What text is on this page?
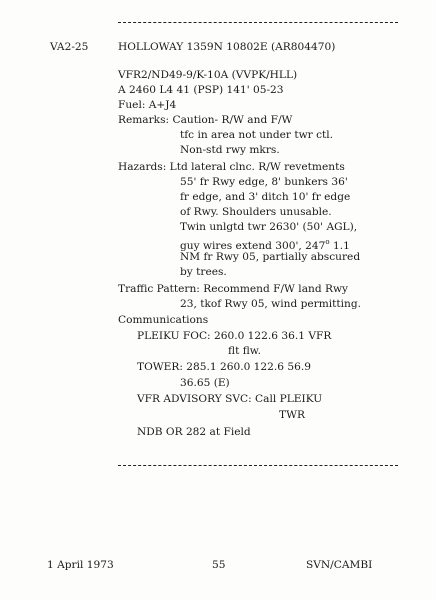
VA2-25	HOLLOWAY 1359N 10802E (AR804470)
VFR2/ND49-9/K-10A (VVPK/HLL)
A 2460 L4 41 (PSP) 141' 05-23
Fuel: A+J4
Remarks: Caution- R/W and F/W
tfc in area not under twr ctl.
Non-std rwy mkrs.
Hazards: Ltd lateral clnc. R/W revetments
55' fr Rwy edge, 8' bunkers 36'
fr edge, and 3' ditch 10' fr edge
of Rwy. Shoulders unusable.
Twin unlgtd twr 2630' (50' AGL),
guy wires extend 300', 247$^o$ 1.1
NM fr Rwy 05, partially abscured
by trees.
Traffic Pattern: Recommend F/W land Rwy
23, tkof Rwy 05, wind permitting.
Communications
PLEIKU FOC: 260.0 122.6 36.1 VFR
flt flw.
TOWER: 285.1 260.0 122.6 56.9
36.65 (E)
VFR ADVISORY SVC: Call PLEIKU
TWR
NDB OR 282 at Field
1 April 1973	55	SVN/CAMBI
